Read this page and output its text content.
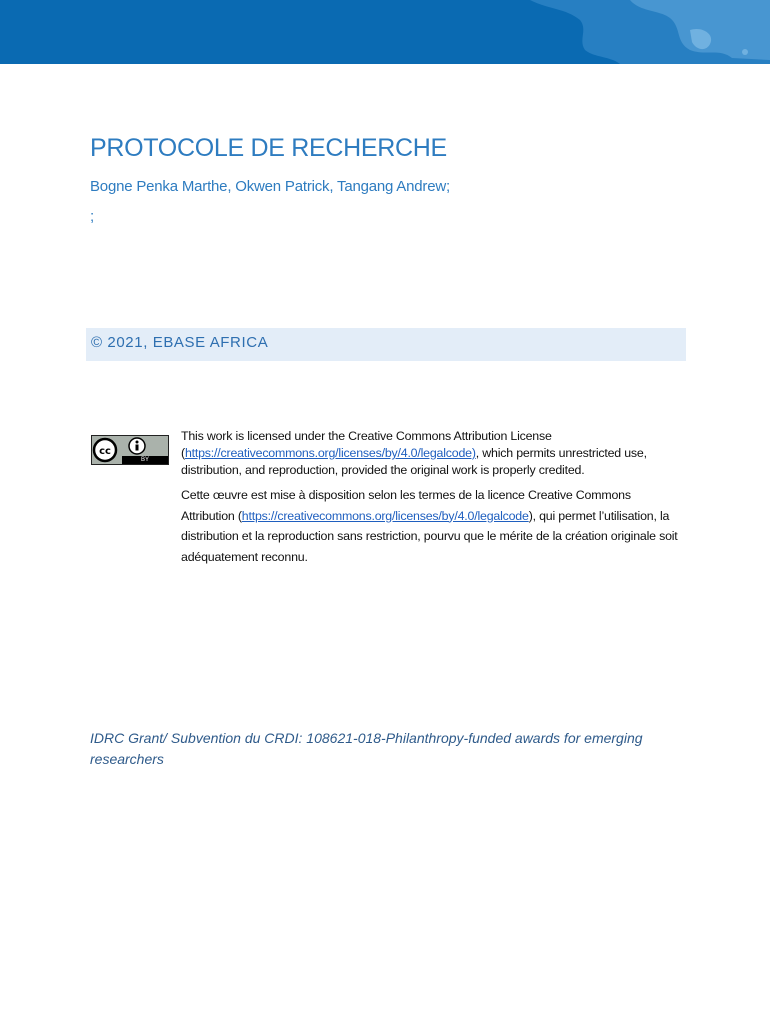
PROTOCOLE DE RECHERCHE
Bogne Penka Marthe, Okwen Patrick, Tangang Andrew;
;
© 2021, EBASE AFRICA
cc
BY

This work is licensed under the Creative Commons Attribution License (https://creativecommons.org/licenses/by/4.0/legalcode), which permits unrestricted use, distribution, and reproduction, provided the original work is properly credited.

Cette œuvre est mise à disposition selon les termes de la licence Creative Commons Attribution (https://creativecommons.org/licenses/by/4.0/legalcode), qui permet l’utilisation, la distribution et la reproduction sans restriction, pourvu que le mérite de la création originale soit adéquatement reconnu.

IDRC Grant/ Subvention du CRDI: 108621-018-Philanthropy-funded awards for emerging researchers
